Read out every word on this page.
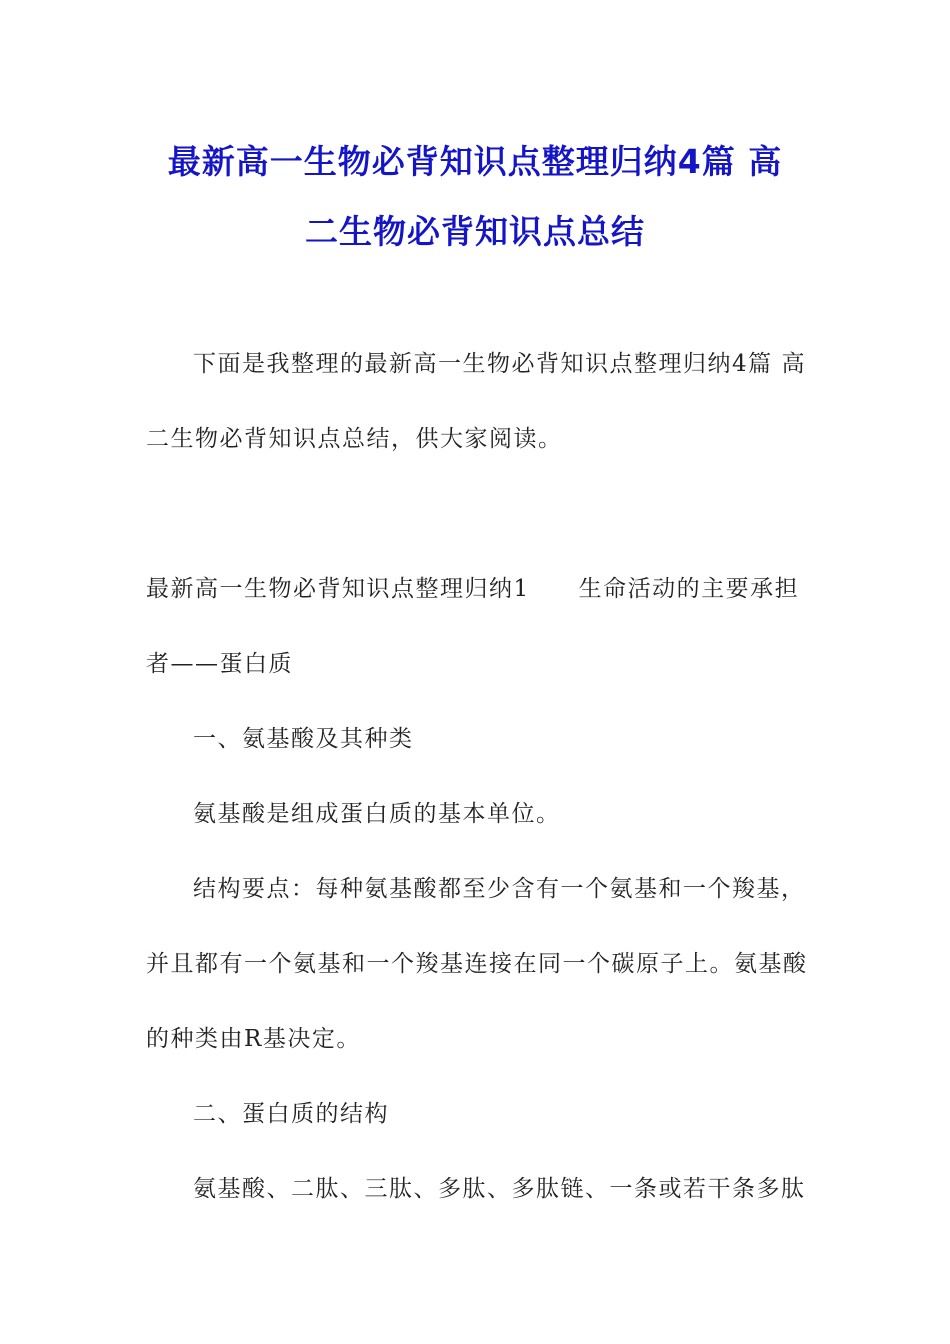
最新高一生物必背知识点整理归纳4篇 高
二生物必背知识点总结
下面是我整理的最新高一生物必背知识点整理归纳4篇 高
二生物必背知识点总结，供大家阅读。
最新高一生物必背知识点整理归纳1　　生命活动的主要承担
者——蛋白质
一、氨基酸及其种类
氨基酸是组成蛋白质的基本单位。
结构要点：每种氨基酸都至少含有一个氨基和一个羧基，
并且都有一个氨基和一个羧基连接在同一个碳原子上。氨基酸
的种类由R基决定。
二、蛋白质的结构
氨基酸、二肽、三肽、多肽、多肽链、一条或若干条多肽
